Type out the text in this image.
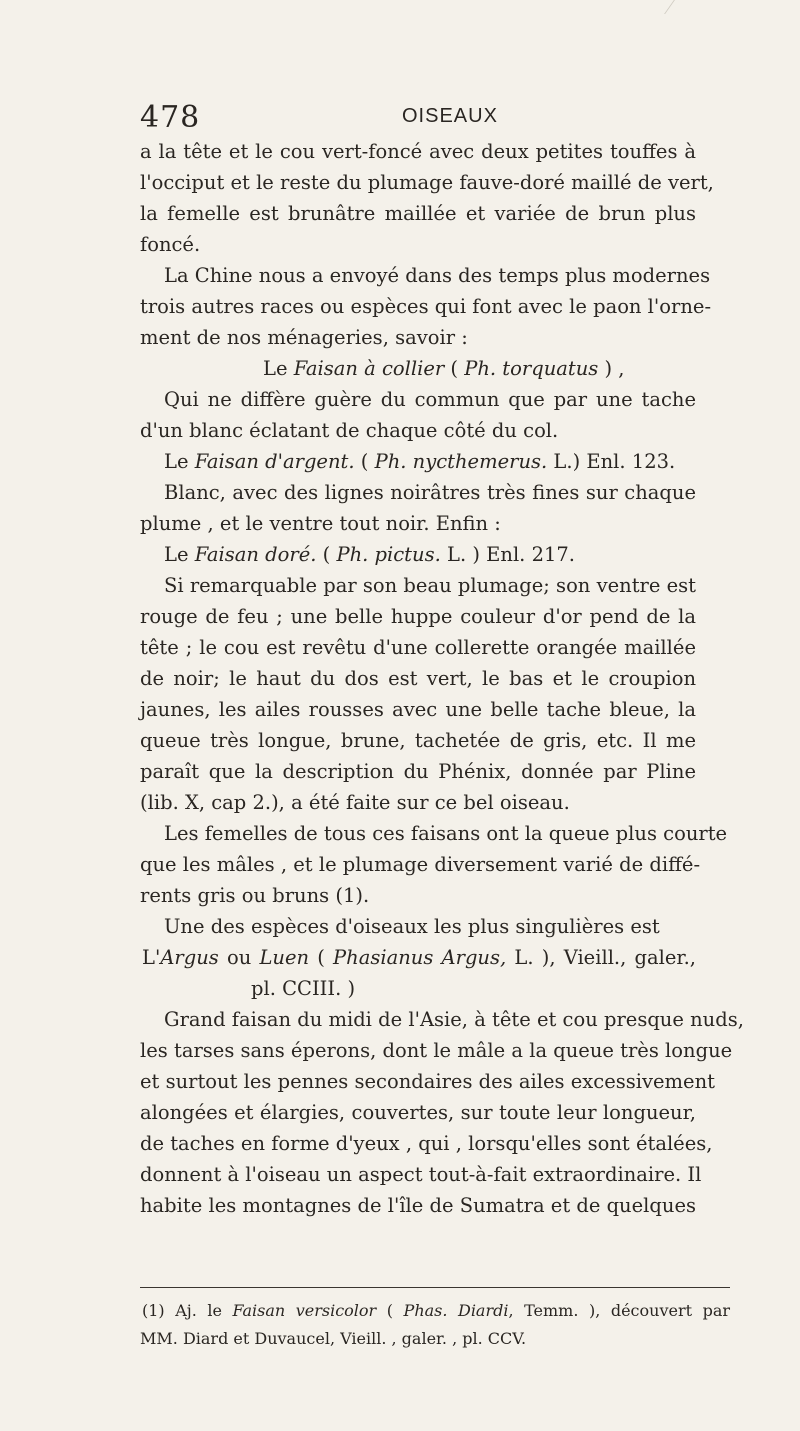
478	OISEAUX
a la tête et le cou vert-foncé avec deux petites touffes à
l'occiput et le reste du plumage fauve-doré maillé de vert,
la femelle est brunâtre maillée et variée de brun plus
foncé.
La Chine nous a envoyé dans des temps plus modernes
trois autres races ou espèces qui font avec le paon l'orne-
ment de nos ménageries, savoir :
Le Faisan à collier ( Ph. torquatus ) ,
Qui ne diffère guère du commun que par une tache
d'un blanc éclatant de chaque côté du col.
Le Faisan d'argent. ( Ph. nycthemerus. L.) Enl. 123.
Blanc, avec des lignes noirâtres très fines sur chaque
plume , et le ventre tout noir. Enfin :
Le Faisan doré. ( Ph. pictus. L. ) Enl. 217.
Si remarquable par son beau plumage; son ventre est
rouge de feu ; une belle huppe couleur d'or pend de la
tête ; le cou est revêtu d'une collerette orangée maillée
de noir; le haut du dos est vert, le bas et le croupion
jaunes, les ailes rousses avec une belle tache bleue, la
queue très longue, brune, tachetée de gris, etc. Il me
paraît que la description du Phénix, donnée par Pline
(lib. X, cap 2.), a été faite sur ce bel oiseau.
Les femelles de tous ces faisans ont la queue plus courte
que les mâles , et le plumage diversement varié de diffé-
rents gris ou bruns (1).
Une des espèces d'oiseaux les plus singulières est
L'Argus ou Luen ( Phasianus Argus, L. ), Vieill., galer.,
pl. CCIII. )
Grand faisan du midi de l'Asie, à tête et cou presque nuds,
les tarses sans éperons, dont le mâle a la queue très longue
et surtout les pennes secondaires des ailes excessivement
alongées et élargies, couvertes, sur toute leur longueur,
de taches en forme d'yeux , qui , lorsqu'elles sont étalées,
donnent à l'oiseau un aspect tout-à-fait extraordinaire. Il
habite les montagnes de l'île de Sumatra et de quelques
(1) Aj. le Faisan versicolor ( Phas. Diardi, Temm. ), découvert par
MM. Diard et Duvaucel, Vieill. , galer. , pl. CCV.
